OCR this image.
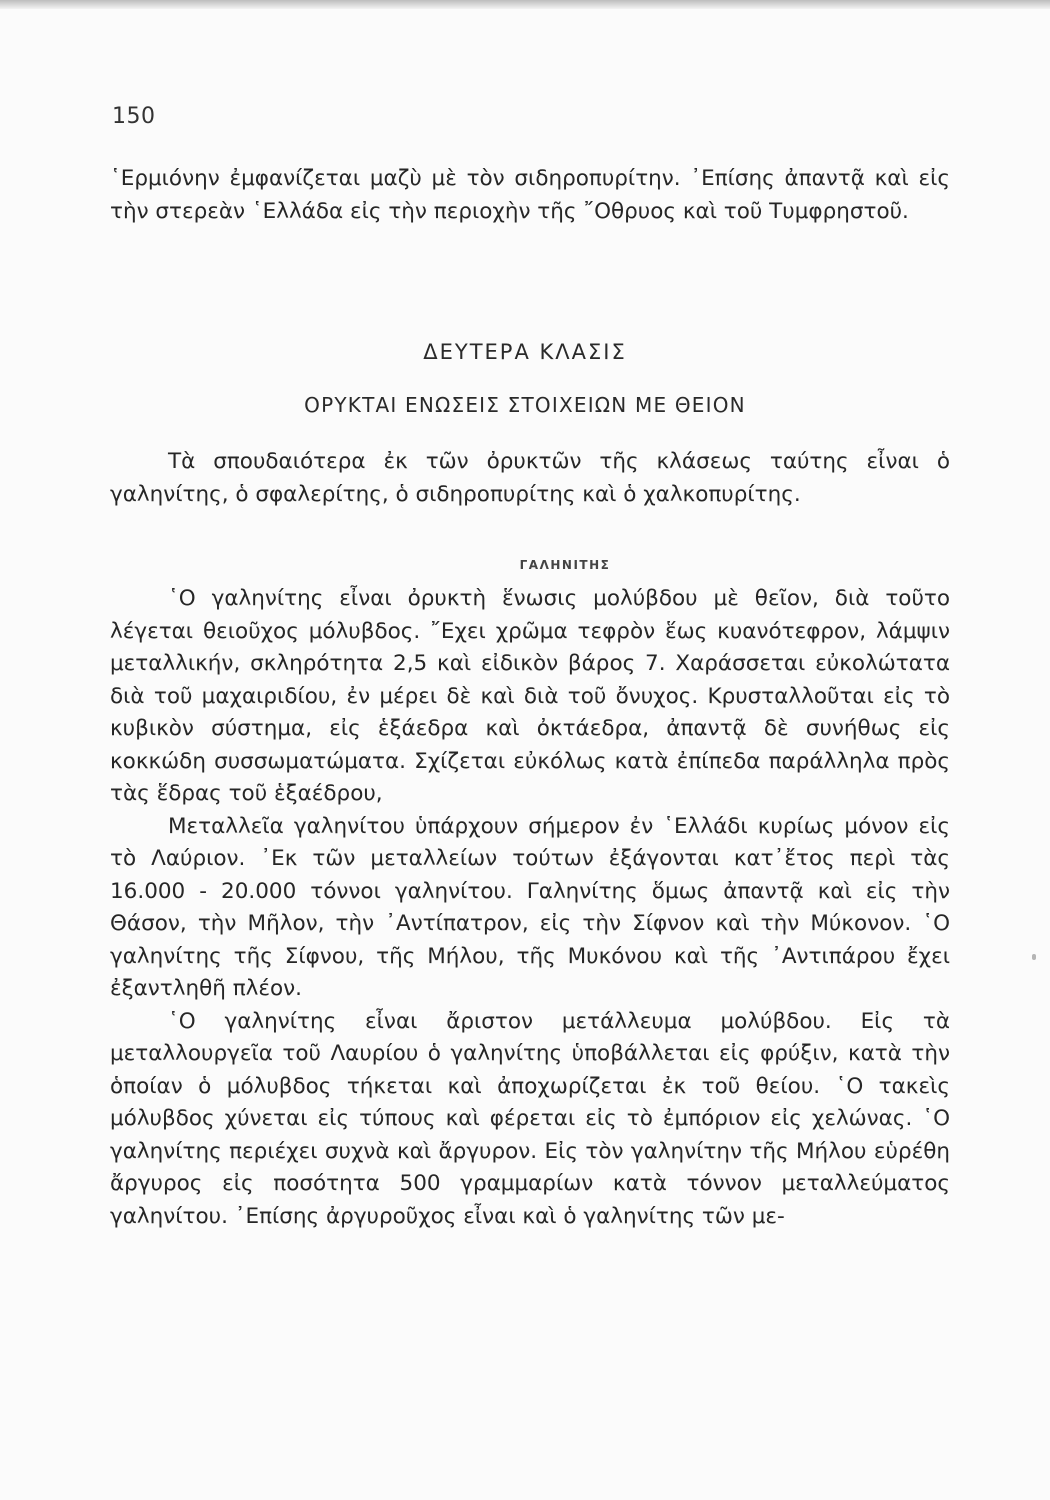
150

῾Ερμιόνην ἐμφανίζεται μαζὺ μὲ τὸν σιδηροπυρίτην. ᾿Επίσης ἀπαντᾷ καὶ εἰς τὴν στερεὰν ῾Ελλάδα εἰς τὴν περιοχὴν τῆς ῎Οθρυος καὶ τοῦ Τυμφρηστοῦ.

ΔΕΥΤΕΡΑ ΚΛΑΣΙΣ
ΟΡΥΚΤΑΙ ΕΝΩΣΕΙΣ ΣΤΟΙΧΕΙΩΝ ΜΕ ΘΕΙΟΝ

Τὰ σπουδαιότερα ἐκ τῶν ὀρυκτῶν τῆς κλάσεως ταύτης εἶναι ὁ γαληνίτης, ὁ σφαλερίτης, ὁ σιδηροπυρίτης καὶ ὁ χαλκοπυρίτης.

ΓΑΛΗΝΙΤΗΣ

῾Ο γαληνίτης εἶναι ὀρυκτὴ ἕνωσις μολύβδου μὲ θεῖον, διὰ τοῦτο λέγεται θειοῦχος μόλυβδος. ῎Εχει χρῶμα τεφρὸν ἕως κυανότεφρον, λάμψιν μεταλλικήν, σκληρότητα 2,5 καὶ εἰδικὸν βάρος 7. Χαράσσεται εὐκολώτατα διὰ τοῦ μαχαιριδίου, ἐν μέρει δὲ καὶ διὰ τοῦ ὄνυχος. Κρυσταλλοῦται εἰς τὸ κυβικὸν σύστημα, εἰς ἑξάεδρα καὶ ὀκτάεδρα, ἀπαντᾷ δὲ συνήθως εἰς κοκκώδη συσσωματώματα. Σχίζεται εὐκόλως κατὰ ἐπίπεδα παράλληλα πρὸς τὰς ἕδρας τοῦ ἑξαέδρου,

Μεταλλεῖα γαληνίτου ὑπάρχουν σήμερον ἐν ῾Ελλάδι κυρίως μόνον εἰς τὸ Λαύριον. ᾿Εκ τῶν μεταλλείων τούτων ἐξάγονται κατ᾿ἔτος περὶ τὰς 16.000 - 20.000 τόννοι γαληνίτου. Γαληνίτης ὅμως ἀπαντᾷ καὶ εἰς τὴν Θάσον, τὴν Μῆλον, τὴν ᾿Αντίπατρον, εἰς τὴν Σίφνον καὶ τὴν Μύκονον. ῾Ο γαληνίτης τῆς Σίφνου, τῆς Μήλου, τῆς Μυκόνου καὶ τῆς ᾿Αντιπάρου ἔχει ἐξαντληθῆ πλέον.

῾Ο γαληνίτης εἶναι ἄριστον μετάλλευμα μολύβδου. Εἰς τὰ μεταλλουργεῖα τοῦ Λαυρίου ὁ γαληνίτης ὑποβάλλεται εἰς φρύξιν, κατὰ τὴν ὁποίαν ὁ μόλυβδος τήκεται καὶ ἀποχωρίζεται ἐκ τοῦ θείου. ῾Ο τακεὶς μόλυβδος χύνεται εἰς τύπους καὶ φέρεται εἰς τὸ ἐμπόριον εἰς χελώνας. ῾Ο γαληνίτης περιέχει συχνὰ καὶ ἄργυρον. Εἰς τὸν γαληνίτην τῆς Μήλου εὑρέθη ἄργυρος εἰς ποσότητα 500 γραμμαρίων κατὰ τόννον μεταλλεύματος γαληνίτου. ᾿Επίσης ἀργυροῦχος εἶναι καὶ ὁ γαληνίτης τῶν με-
